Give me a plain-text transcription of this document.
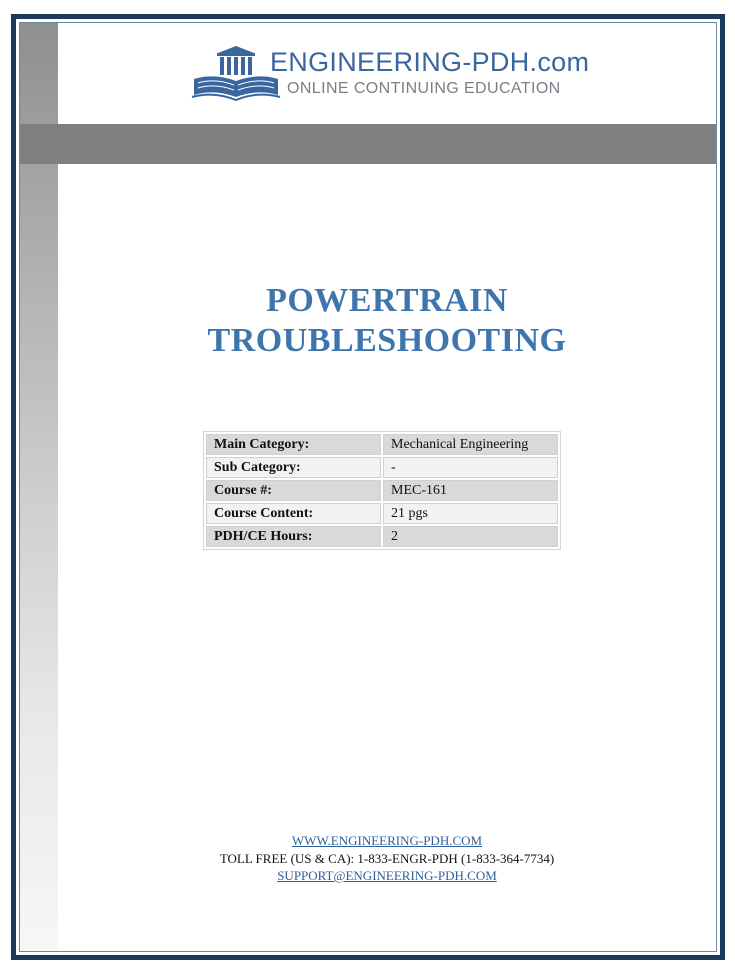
ENGINEERING-PDH.com
ONLINE CONTINUING EDUCATION
POWERTRAIN
TROUBLESHOOTING
Main Category:	Mechanical Engineering
Sub Category:	-
Course #:	MEC-161
Course Content:	21 pgs
PDH/CE Hours:	2
WWW.ENGINEERING-PDH.COM
TOLL FREE (US & CA): 1-833-ENGR-PDH (1-833-364-7734)
SUPPORT@ENGINEERING-PDH.COM
